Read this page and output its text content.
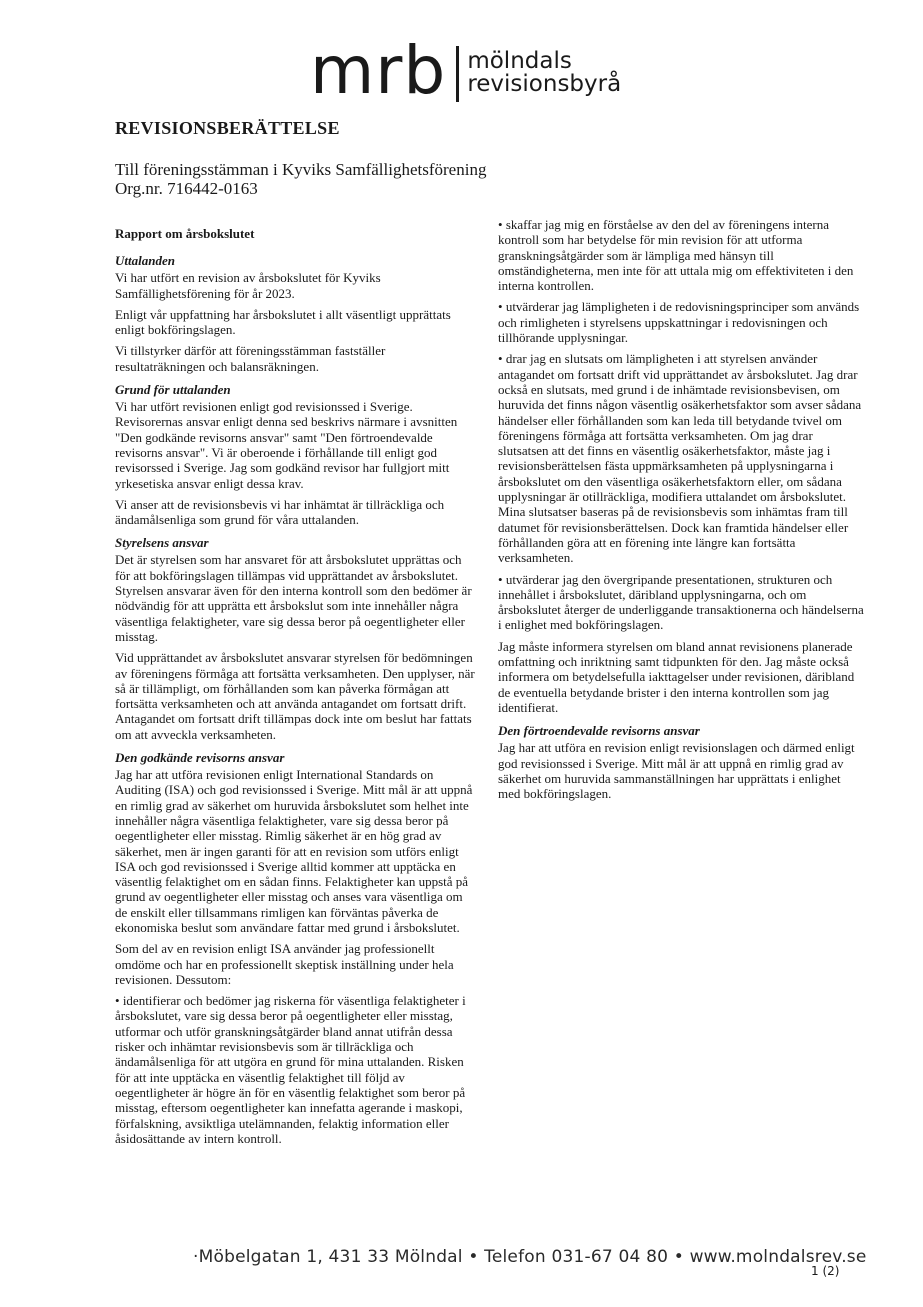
mrb mölndals
revisionsbyrå
REVISIONSBERÄTTELSE
Till föreningsstämman i Kyviks Samfällighetsförening
Org.nr. 716442-0163

Rapport om årsbokslutet

Uttalanden

Vi har utfört en revision av årsbokslutet för Kyviks Samfällighetsförening för år 2023.

Enligt vår uppfattning har årsbokslutet i allt väsentligt upprättats enligt bokföringslagen.

Vi tillstyrker därför att föreningsstämman fastställer resultaträkningen och balansräkningen.

Grund för uttalanden

Vi har utfört revisionen enligt god revisionssed i Sverige. Revisorernas ansvar enligt denna sed beskrivs närmare i avsnitten "Den godkände revisorns ansvar" samt "Den förtroendevalde revisorns ansvar". Vi är oberoende i förhållande till enligt god revisorssed i Sverige. Jag som godkänd revisor har fullgjort mitt yrkesetiska ansvar enligt dessa krav.

Vi anser att de revisionsbevis vi har inhämtat är tillräckliga och ändamålsenliga som grund för våra uttalanden.

Styrelsens ansvar

Det är styrelsen som har ansvaret för att årsbokslutet upprättas och för att bokföringslagen tillämpas vid upprättandet av årsbokslutet. Styrelsen ansvarar även för den interna kontroll som den bedömer är nödvändig för att upprätta ett årsbokslut som inte innehåller några väsentliga felaktigheter, vare sig dessa beror på oegentligheter eller misstag.

Vid upprättandet av årsbokslutet ansvarar styrelsen för bedömningen av föreningens förmåga att fortsätta verksamheten. Den upplyser, när så är tillämpligt, om förhållanden som kan påverka förmågan att fortsätta verksamheten och att använda antagandet om fortsatt drift. Antagandet om fortsatt drift tillämpas dock inte om beslut har fattats om att avveckla verksamheten.

Den godkände revisorns ansvar

Jag har att utföra revisionen enligt International Standards on Auditing (ISA) och god revisionssed i Sverige. Mitt mål är att uppnå en rimlig grad av säkerhet om huruvida årsbokslutet som helhet inte innehåller några väsentliga felaktigheter, vare sig dessa beror på oegentligheter eller misstag. Rimlig säkerhet är en hög grad av säkerhet, men är ingen garanti för att en revision som utförs enligt ISA och god revisionssed i Sverige alltid kommer att upptäcka en väsentlig felaktighet om en sådan finns. Felaktigheter kan uppstå på grund av oegentligheter eller misstag och anses vara väsentliga om de enskilt eller tillsammans rimligen kan förväntas påverka de ekonomiska beslut som användare fattar med grund i årsbokslutet.

Som del av en revision enligt ISA använder jag professionellt omdöme och har en professionellt skeptisk inställning under hela revisionen. Dessutom:

• identifierar och bedömer jag riskerna för väsentliga felaktigheter i årsbokslutet, vare sig dessa beror på oegentligheter eller misstag, utformar och utför granskningsåtgärder bland annat utifrån dessa risker och inhämtar revisionsbevis som är tillräckliga och ändamålsenliga för att utgöra en grund för mina uttalanden. Risken för att inte upptäcka en väsentlig felaktighet till följd av oegentligheter är högre än för en väsentlig felaktighet som beror på misstag, eftersom oegentligheter kan innefatta agerande i maskopi, förfalskning, avsiktliga utelämnanden, felaktig information eller åsidosättande av intern kontroll.

• skaffar jag mig en förståelse av den del av föreningens interna kontroll som har betydelse för min revision för att utforma granskningsåtgärder som är lämpliga med hänsyn till omständigheterna, men inte för att uttala mig om effektiviteten i den interna kontrollen.

• utvärderar jag lämpligheten i de redovisningsprinciper som används och rimligheten i styrelsens uppskattningar i redovisningen och tillhörande upplysningar.

• drar jag en slutsats om lämpligheten i att styrelsen använder antagandet om fortsatt drift vid upprättandet av årsbokslutet. Jag drar också en slutsats, med grund i de inhämtade revisionsbevisen, om huruvida det finns någon väsentlig osäkerhetsfaktor som avser sådana händelser eller förhållanden som kan leda till betydande tvivel om föreningens förmåga att fortsätta verksamheten. Om jag drar slutsatsen att det finns en väsentlig osäkerhetsfaktor, måste jag i revisionsberättelsen fästa uppmärksamheten på upplysningarna i årsbokslutet om den väsentliga osäkerhetsfaktorn eller, om sådana upplysningar är otillräckliga, modifiera uttalandet om årsbokslutet. Mina slutsatser baseras på de revisionsbevis som inhämtas fram till datumet för revisionsberättelsen. Dock kan framtida händelser eller förhållanden göra att en förening inte längre kan fortsätta verksamheten.

• utvärderar jag den övergripande presentationen, strukturen och innehållet i årsbokslutet, däribland upplysningarna, och om årsbokslutet återger de underliggande transaktionerna och händelserna i enlighet med bokföringslagen.

Jag måste informera styrelsen om bland annat revisionens planerade omfattning och inriktning samt tidpunkten för den. Jag måste också informera om betydelsefulla iakttagelser under revisionen, däribland de eventuella betydande brister i den interna kontrollen som jag identifierat.

Den förtroendevalde revisorns ansvar

Jag har att utföra en revision enligt revisionslagen och därmed enligt god revisionssed i Sverige. Mitt mål är att uppnå en rimlig grad av säkerhet om huruvida sammanställningen har upprättats i enlighet med bokföringslagen.

·Möbelgatan 1, 431 33 Mölndal • Telefon 031-67 04 80 • www.molndalsrev.se
1 (2)
